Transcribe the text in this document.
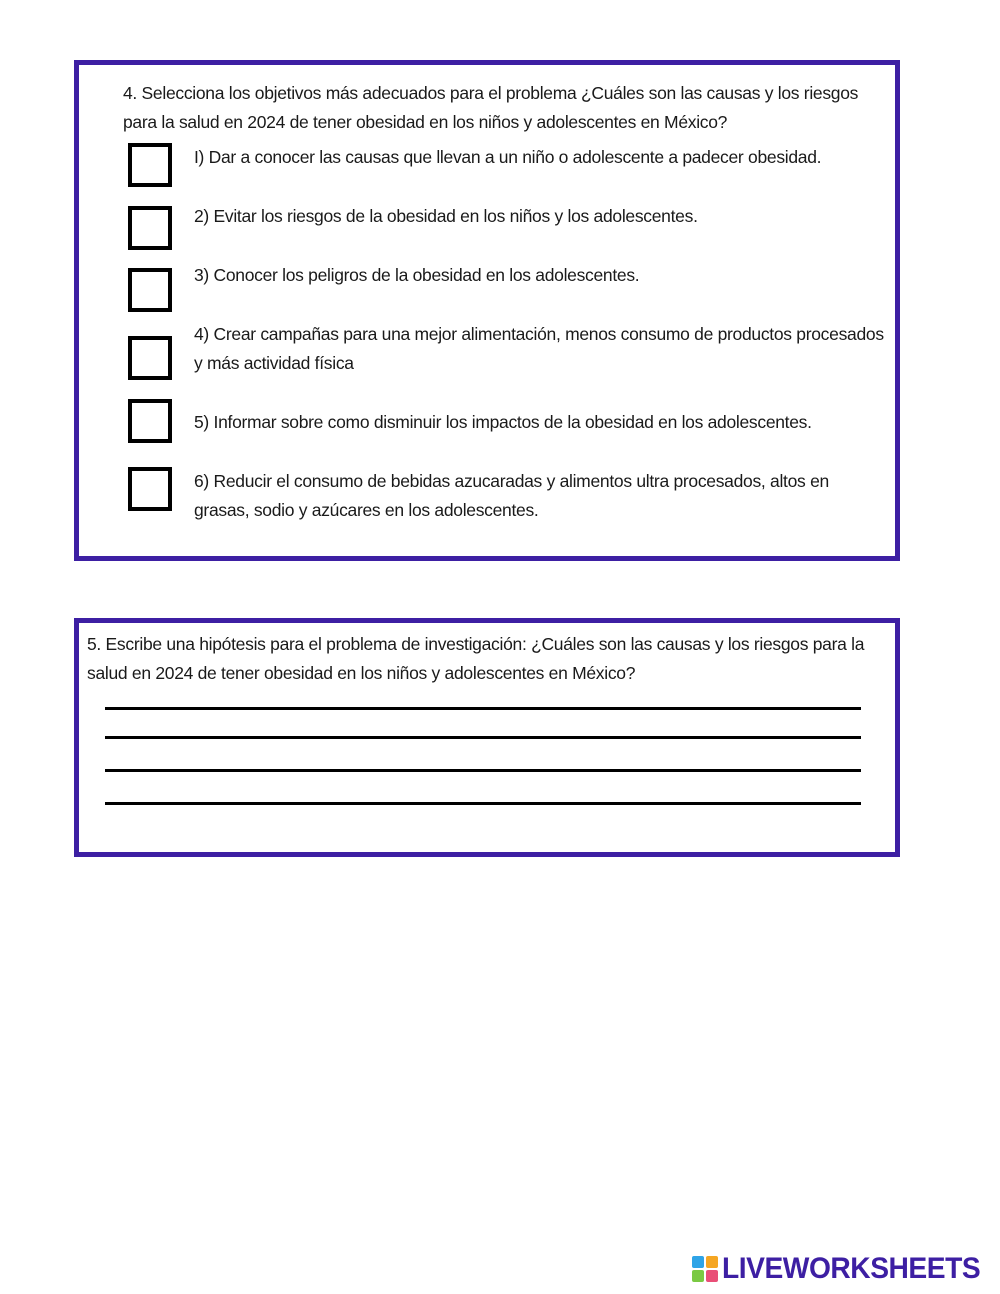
4. Selecciona los objetivos más adecuados para el problema ¿Cuáles son las causas y los riesgos para la salud en 2024 de tener obesidad en los niños y adolescentes en México?

I) Dar a conocer las causas que llevan a un niño o adolescente a padecer obesidad.

2) Evitar los riesgos de la obesidad en los niños y los adolescentes.

3) Conocer los peligros de la obesidad en los adolescentes.

4) Crear campañas para una mejor alimentación, menos consumo de productos procesados y más actividad física

5) Informar sobre como disminuir los impactos de la obesidad en los adolescentes.

6) Reducir el consumo de bebidas azucaradas y alimentos ultra procesados, altos en grasas, sodio y azúcares en los adolescentes.

5. Escribe una hipótesis para el problema de investigación: ¿Cuáles son las causas y los riesgos para la salud en 2024 de tener obesidad en los niños y adolescentes en México?

LIVEWORKSHEETS
